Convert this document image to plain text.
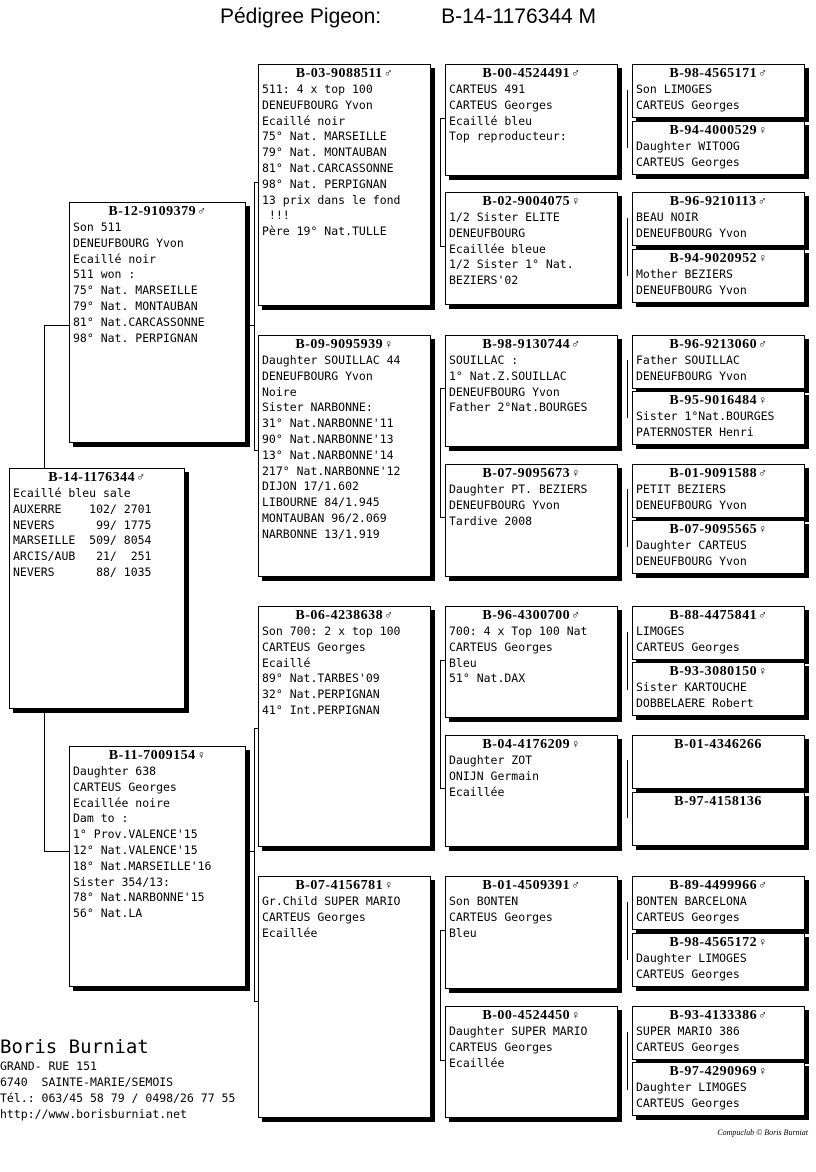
Pédigree Pigeon:	B-14-1176344 M
B-14-1176344♂
Ecaillé bleu sale
AUXERRE    102/ 2701
NEVERS      99/ 1775
MARSEILLE  509/ 8054
ARCIS/AUB   21/  251
NEVERS      88/ 1035
B-12-9109379♂
Son 511
DENEUFBOURG Yvon
Ecaillé noir
511 won :
75° Nat. MARSEILLE
79° Nat. MONTAUBAN
81° Nat.CARCASSONNE
98° Nat. PERPIGNAN
B-11-7009154♀
Daughter 638
CARTEUS Georges
Ecaillée noire
Dam to :
1° Prov.VALENCE'15
12° Nat.VALENCE'15
18° Nat.MARSEILLE'16
Sister 354/13:
78° Nat.NARBONNE'15
56° Nat.LA
B-03-9088511♂
511: 4 x top 100
DENEUFBOURG Yvon
Ecaillé noir
75° Nat. MARSEILLE
79° Nat. MONTAUBAN
81° Nat.CARCASSONNE
98° Nat. PERPIGNAN
13 prix dans le fond
!!!
Père 19° Nat.TULLE
B-09-9095939♀
Daughter SOUILLAC 44
DENEUFBOURG Yvon
Noire
Sister NARBONNE:
31° Nat.NARBONNE'11
90° Nat.NARBONNE'13
13° Nat.NARBONNE'14
217° Nat.NARBONNE'12
DIJON 17/1.602
LIBOURNE 84/1.945
MONTAUBAN 96/2.069
NARBONNE 13/1.919
B-06-4238638♂
Son 700: 2 x top 100
CARTEUS Georges
Ecaillé
89° Nat.TARBES'09
32° Nat.PERPIGNAN
41° Int.PERPIGNAN
B-07-4156781♀
Gr.Child SUPER MARIO
CARTEUS Georges
Ecaillée
B-00-4524491♂
CARTEUS 491
CARTEUS Georges
Ecaillé bleu
Top reproducteur:
B-02-9004075♀
1/2 Sister ELITE
DENEUFBOURG
Ecaillée bleue
1/2 Sister 1° Nat.
BEZIERS'02
B-98-9130744♂
SOUILLAC :
1° Nat.Z.SOUILLAC
DENEUFBOURG Yvon
Father 2°Nat.BOURGES
B-07-9095673♀
Daughter PT. BEZIERS
DENEUFBOURG Yvon
Tardive 2008
B-96-4300700♂
700: 4 x Top 100 Nat
CARTEUS Georges
Bleu
51° Nat.DAX
B-04-4176209♀
Daughter ZOT
ONIJN Germain
Ecaillée
B-01-4509391♂
Son BONTEN
CARTEUS Georges
Bleu
B-00-4524450♀
Daughter SUPER MARIO
CARTEUS Georges
Ecaillée
B-98-4565171♂
Son LIMOGES
CARTEUS Georges
B-94-4000529♀
Daughter WITOOG
CARTEUS Georges
B-96-9210113♂
BEAU NOIR
DENEUFBOURG Yvon
B-94-9020952♀
Mother BEZIERS
DENEUFBOURG Yvon
B-96-9213060♂
Father SOUILLAC
DENEUFBOURG Yvon
B-95-9016484♀
Sister 1°Nat.BOURGES
PATERNOSTER Henri
B-01-9091588♂
PETIT BEZIERS
DENEUFBOURG Yvon
B-07-9095565♀
Daughter CARTEUS
DENEUFBOURG Yvon
B-88-4475841♂
LIMOGES
CARTEUS Georges
B-93-3080150♀
Sister KARTOUCHE
DOBBELAERE Robert
B-01-4346266
B-97-4158136
B-89-4499966♂
BONTEN BARCELONA
CARTEUS Georges
B-98-4565172♀
Daughter LIMOGES
CARTEUS Georges
B-93-4133386♂
SUPER MARIO 386
CARTEUS Georges
B-97-4290969♀
Daughter LIMOGES
CARTEUS Georges
Boris Burniat
GRAND- RUE 151
6740  SAINTE-MARIE/SEMOIS
Tél.: 063/45 58 79 / 0498/26 77 55
http://www.borisburniat.net
Compuclub © Boris Burniat
